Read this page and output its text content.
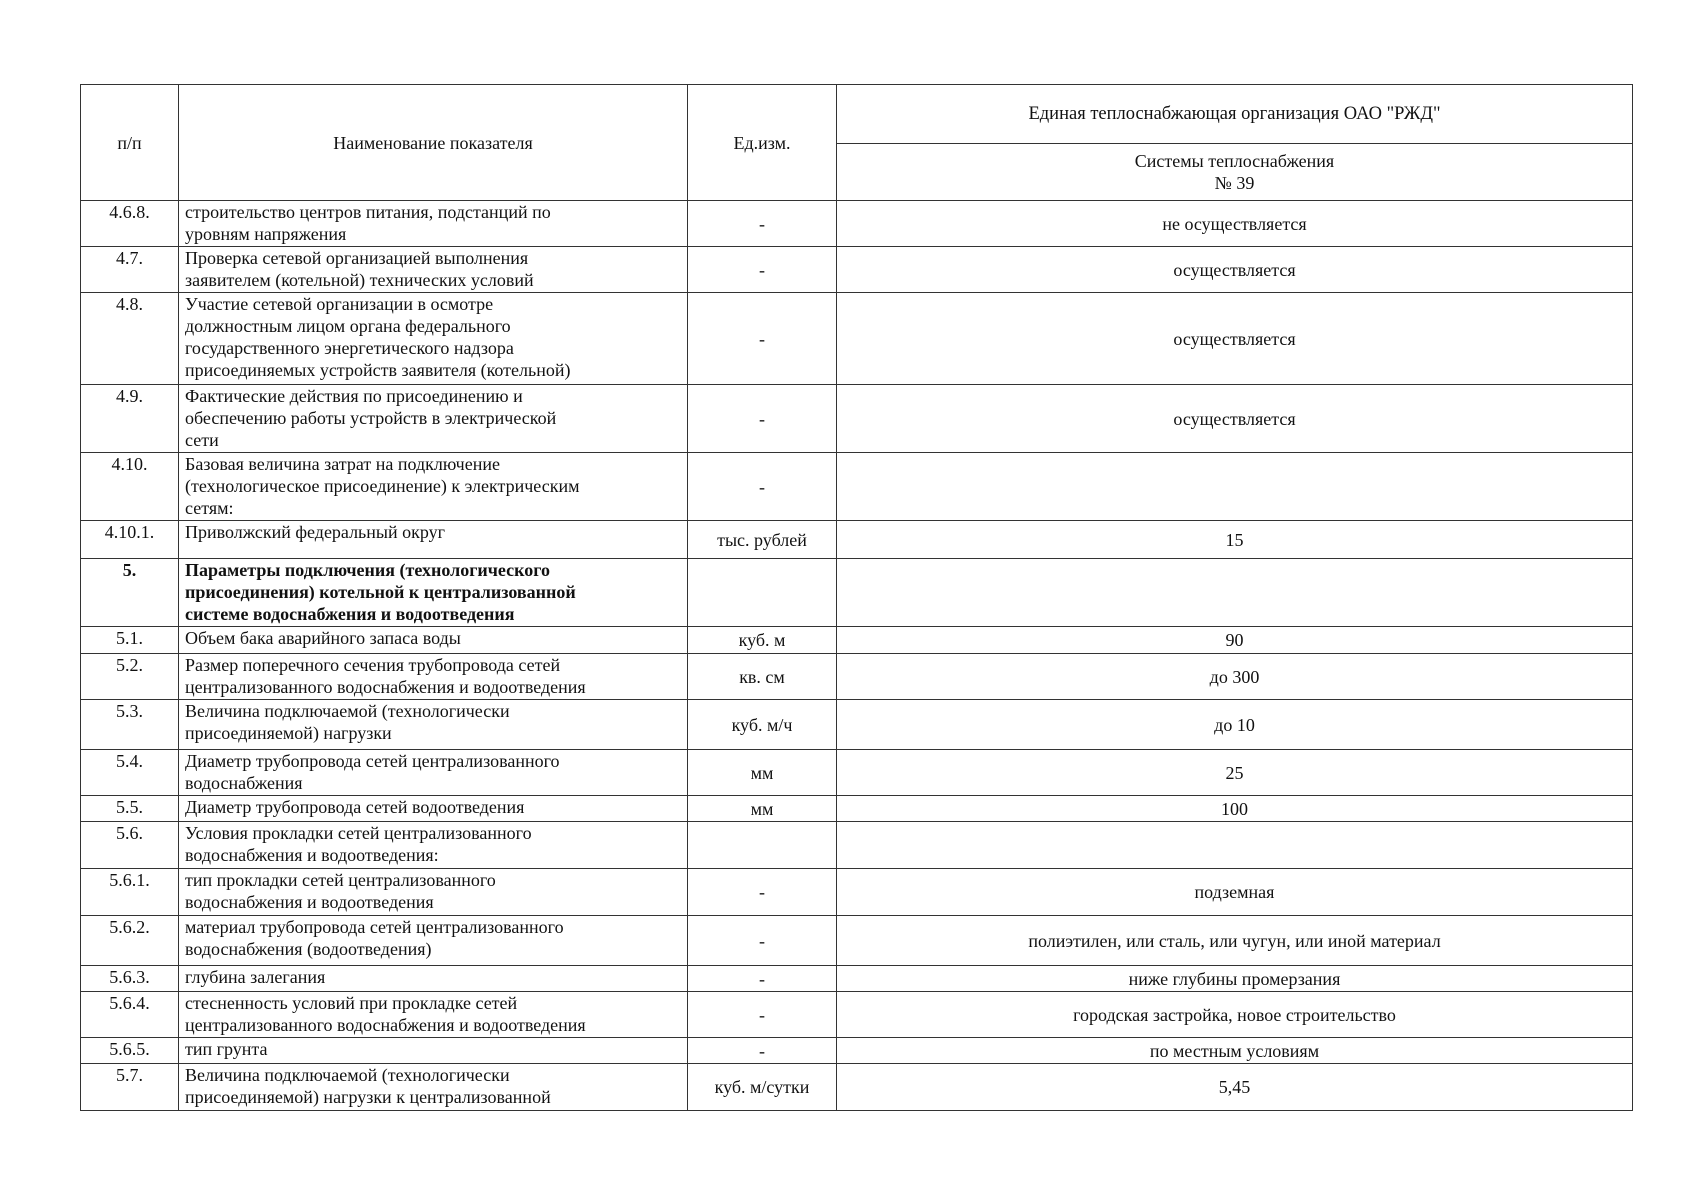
п/п	Наименование показателя	Ед.изм.	Единая теплоснабжающая организация ОАО "РЖД"

			Системы теплоснабжения
№ 39

4.6.8.	строительство центров питания, подстанций по
уровням напряжения	-	не осуществляется
4.7.	Проверка сетевой организацией выполнения
заявителем (котельной) технических условий	-	осуществляется
4.8.	Участие сетевой организации в осмотре
должностным лицом органа федерального
государственного энергетического надзора
присоединяемых устройств заявителя (котельной)	-	осуществляется
4.9.	Фактические действия по присоединению и
обеспечению работы устройств в электрической
сети	-	осуществляется
4.10.	Базовая величина затрат на подключение
(технологическое присоединение) к электрическим
сетям:	-	
4.10.1.	Приволжский федеральный округ	тыс. рублей	15
5.	Параметры подключения (технологического
присоединения) котельной к централизованной
системе водоснабжения и водоотведения		

5.1.	Объем бака аварийного запаса воды	куб. м	90
5.2.	Размер поперечного сечения трубопровода сетей
централизованного водоснабжения и водоотведения	кв. см	до 300
5.3.	Величина подключаемой (технологически
присоединяемой) нагрузки	куб. м/ч	до 10
5.4.	Диаметр трубопровода сетей централизованного
водоснабжения	мм	25
5.5.	Диаметр трубопровода сетей водоотведения	мм	100
5.6.	Условия прокладки сетей централизованного
водоснабжения и водоотведения:		

5.6.1.	тип прокладки сетей централизованного
водоснабжения и водоотведения	-	подземная
5.6.2.	материал трубопровода сетей централизованного
водоснабжения (водоотведения)	-	полиэтилен, или сталь, или чугун, или иной материал
5.6.3.	глубина залегания	-	ниже глубины промерзания
5.6.4.	стесненность условий при прокладке сетей
централизованного водоснабжения и водоотведения	-	городская застройка, новое строительство
5.6.5.	тип грунта	-	по местным условиям
5.7.	Величина подключаемой (технологически
присоединяемой) нагрузки к централизованной	куб. м/сутки	5,45
